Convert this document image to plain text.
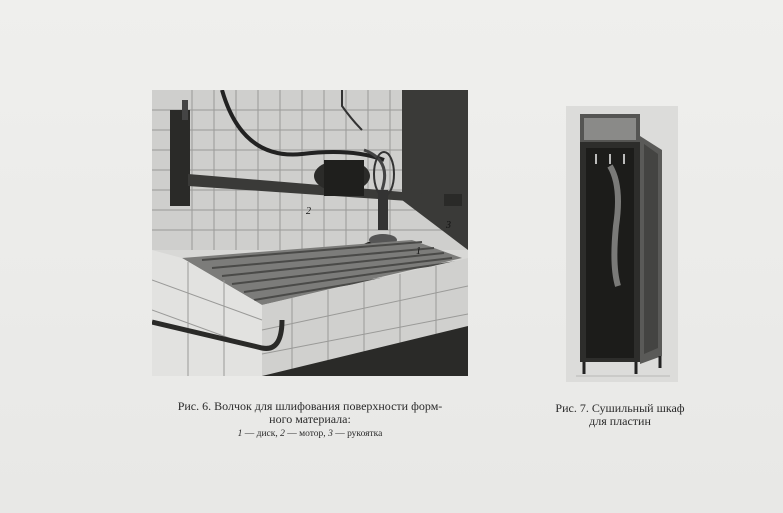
1
2
3
Рис. 6. Волчок для шлифования поверхности форм-
ного материала:
1 — диск, 2 — мотор, 3 — рукоятка
Рис. 7. Сушильный шкаф
для пластин
